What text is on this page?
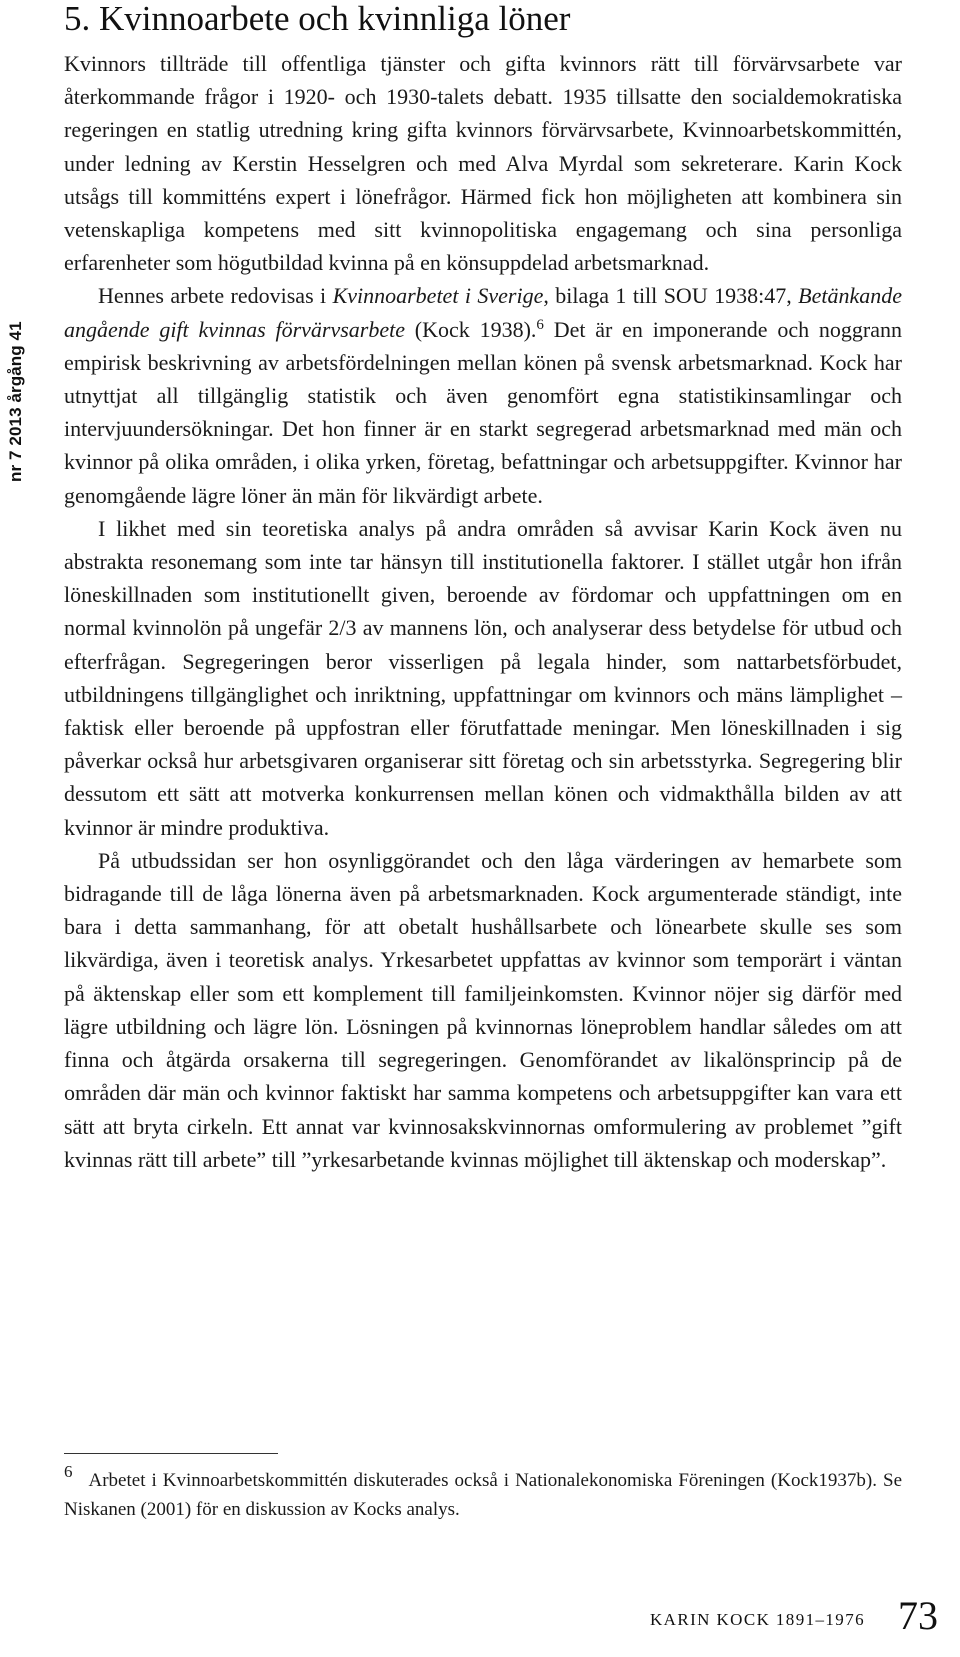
nr 7 2013 årgång 41
5. Kvinnoarbete och kvinnliga löner

Kvinnors tillträde till offentliga tjänster och gifta kvinnors rätt till förvärvsarbete var återkommande frågor i 1920- och 1930-talets debatt. 1935 tillsatte den socialdemokratiska regeringen en statlig utredning kring gifta kvinnors förvärvsarbete, Kvinnoarbetskommittén, under ledning av Kerstin Hesselgren och med Alva Myrdal som sekreterare. Karin Kock utsågs till kommitténs expert i lönefrågor. Härmed fick hon möjligheten att kombinera sin vetenskapliga kompetens med sitt kvinnopolitiska engagemang och sina personliga erfarenheter som högutbildad kvinna på en könsuppdelad arbetsmarknad.

Hennes arbete redovisas i Kvinnoarbetet i Sverige, bilaga 1 till SOU 1938:47, Betänkande angående gift kvinnas förvärvsarbete (Kock 1938).$^6$ Det är en imponerande och noggrann empirisk beskrivning av arbetsfördelningen mellan könen på svensk arbetsmarknad. Kock har utnyttjat all tillgänglig statistik och även genomfört egna statistikinsamlingar och intervjuundersökningar. Det hon finner är en starkt segregerad arbetsmarknad med män och kvinnor på olika områden, i olika yrken, företag, befattningar och arbetsuppgifter. Kvinnor har genomgående lägre löner än män för likvärdigt arbete.

I likhet med sin teoretiska analys på andra områden så avvisar Karin Kock även nu abstrakta resonemang som inte tar hänsyn till institutionella faktorer. I stället utgår hon ifrån löneskillnaden som institutionellt given, beroende av fördomar och uppfattningen om en normal kvinnolön på ungefär 2/3 av mannens lön, och analyserar dess betydelse för utbud och efterfrågan. Segregeringen beror visserligen på legala hinder, som nattarbetsförbudet, utbildningens tillgänglighet och inriktning, uppfattningar om kvinnors och mäns lämplighet – faktisk eller beroende på uppfostran eller förutfattade meningar. Men löneskillnaden i sig påverkar också hur arbetsgivaren organiserar sitt företag och sin arbetsstyrka. Segregering blir dessutom ett sätt att motverka konkurrensen mellan könen och vidmakthålla bilden av att kvinnor är mindre produktiva.

På utbudssidan ser hon osynliggörandet och den låga värderingen av hemarbete som bidragande till de låga lönerna även på arbetsmarknaden. Kock argumenterade ständigt, inte bara i detta sammanhang, för att obetalt hushållsarbete och lönearbete skulle ses som likvärdiga, även i teoretisk analys. Yrkesarbetet uppfattas av kvinnor som temporärt i väntan på äktenskap eller som ett komplement till familjeinkomsten. Kvinnor nöjer sig därför med lägre utbildning och lägre lön. Lösningen på kvinnornas löneproblem handlar således om att finna och åtgärda orsakerna till segregeringen. Genomförandet av likalönsprincip på de områden där män och kvinnor faktiskt har samma kompetens och arbetsuppgifter kan vara ett sätt att bryta cirkeln. Ett annat var kvinnosakskvinnornas omformulering av problemet ”gift kvinnas rätt till arbete” till ”yrkesarbetande kvinnas möjlighet till äktenskap och moderskap”.

6 Arbetet i Kvinnoarbetskommittén diskuterades också i Nationalekonomiska Föreningen (Kock1937b). Se Niskanen (2001) för en diskussion av Kocks analys.
KARIN KOCK 1891–1976 73
